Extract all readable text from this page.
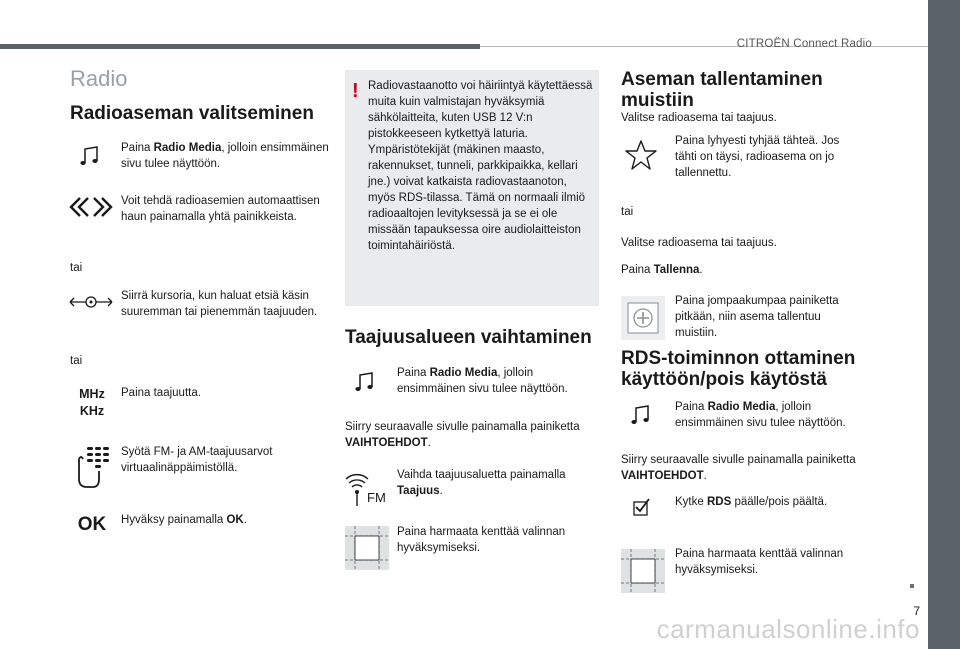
CITROËN Connect Radio
7
carmanualsonline.info
Radio
Radioaseman valitseminen
Paina Radio Media, jolloin ensimmäinen sivu tulee näyttöön.
Voit tehdä radioasemien automaattisen haun painamalla yhtä painikkeista.
tai
Siirrä kursoria, kun haluat etsiä käsin suuremman tai pienemmän taajuuden.
tai
MHz
KHz
Paina taajuutta.
Syötä FM- ja AM-taajuusarvot virtuaalinäppäimistöllä.
OK	Hyväksy painamalla OK.
! Radiovastaanotto voi häiriintyä käytettäessä muita kuin valmistajan hyväksymiä sähkölaitteita, kuten USB 12 V:n pistokkeeseen kytkettyä laturia. Ympäristötekijät (mäkinen maasto, rakennukset, tunneli, parkkipaikka, kellari jne.) voivat katkaista radiovastaanoton, myös RDS-tilassa. Tämä on normaali ilmiö radioaaltojen levityksessä ja se ei ole missään tapauksessa oire audiolaitteiston toimintahäiriöstä.
Taajuusalueen vaihtaminen
Paina Radio Media, jolloin ensimmäinen sivu tulee näyttöön.
Siirry seuraavalle sivulle painamalla painiketta VAIHTOEHDOT.
FM
Vaihda taajuusaluetta painamalla Taajuus.
Paina harmaata kenttää valinnan hyväksymiseksi.
Aseman tallentaminen muistiin
Valitse radioasema tai taajuus.
Paina lyhyesti tyhjää tähteä. Jos tähti on täysi, radioasema on jo tallennettu.
tai
Valitse radioasema tai taajuus.
Paina Tallenna.
Paina jompaakumpaa painiketta pitkään, niin asema tallentuu muistiin.
RDS-toiminnon ottaminen käyttöön/pois käytöstä
Paina Radio Media, jolloin ensimmäinen sivu tulee näyttöön.
Siirry seuraavalle sivulle painamalla painiketta VAIHTOEHDOT.
Kytke RDS päälle/pois päältä.
Paina harmaata kenttää valinnan hyväksymiseksi.
